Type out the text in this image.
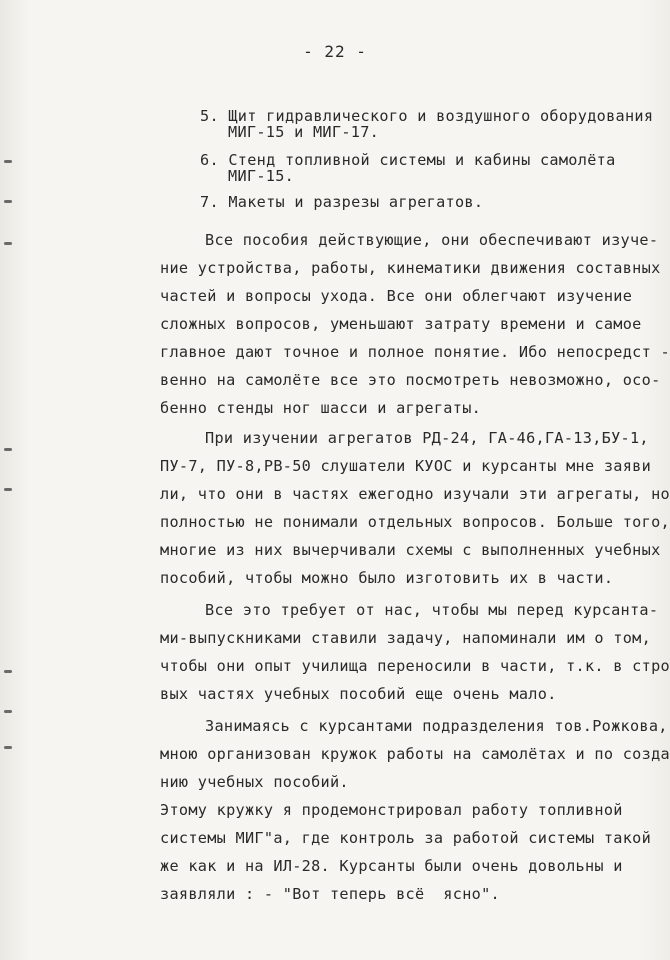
- 22 -
5. Щит гидравлического и воздушного оборудования
МИГ-15 и МИГ-17.
6. Стенд топливной системы и кабины самолёта
МИГ-15.
7. Макеты и разрезы агрегатов.
Все пособия действующие, они обеспечивают изуче-
ние устройства, работы, кинематики движения составных
частей и вопросы ухода. Все они облегчают изучение
сложных вопросов, уменьшают затрату времени и самое
главное дают точное и полное понятие. Ибо непосредст -
венно на самолёте все это посмотреть невозможно, осо-
бенно стенды ног шасси и агрегаты.
При изучении агрегатов РД-24, ГА-46,ГА-13,БУ-1,
ПУ-7, ПУ-8,РВ-50 слушатели КУОС и курсанты мне заяви
ли, что они в частях ежегодно изучали эти агрегаты, но
полностью не понимали отдельных вопросов. Больше того,
многие из них вычерчивали схемы с выполненных учебных
пособий, чтобы можно было изготовить их в части.
Все это требует от нас, чтобы мы перед курсанта-
ми-выпускниками ставили задачу, напоминали им о том,
чтобы они опыт училища переносили в части, т.к. в стро
вых частях учебных пособий еще очень мало.
Занимаясь с курсантами подразделения тов.Рожкова,
мною организован кружок работы на самолётах и по созда
нию учебных пособий.
Этому кружку я продемонстрировал работу топливной
системы МИГ"а, где контроль за работой системы такой
же как и на ИЛ-28. Курсанты были очень довольны и
заявляли : - "Вот теперь всё  ясно".
